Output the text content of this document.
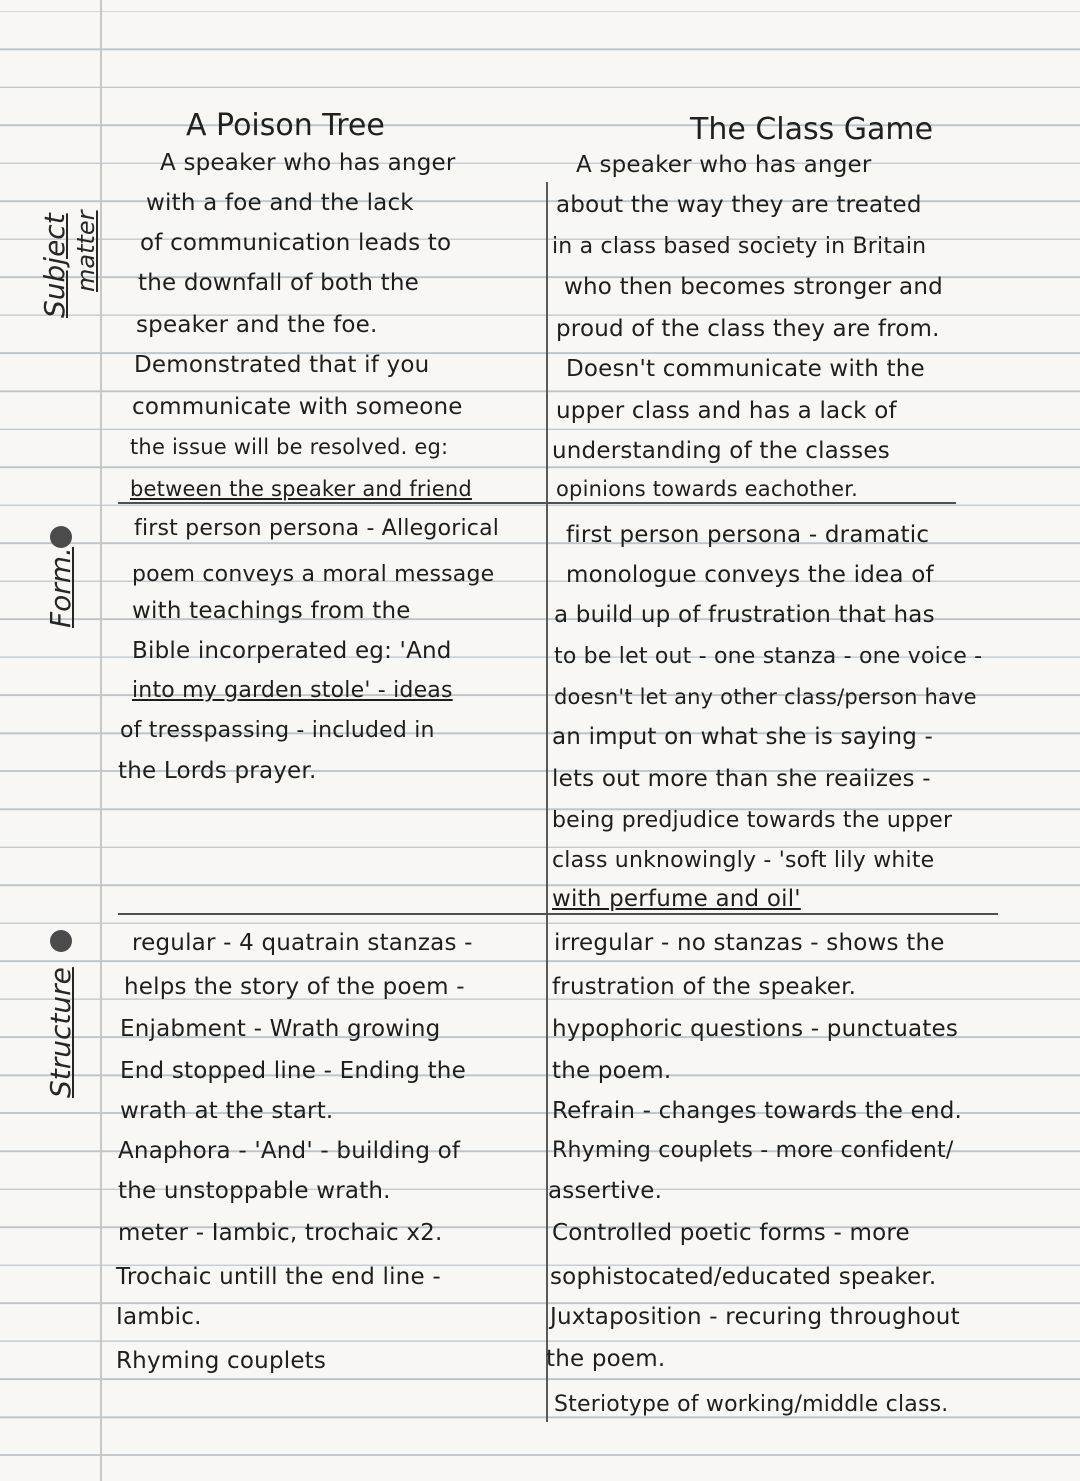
Subject matter
Form.
Structure
A Poison Tree	The Class Game
A speaker who has anger
with a foe and the lack
of communication leads to
the downfall of both the
speaker and the foe.
Demonstrated that if you
communicate with someone
the issue will be resolved. eg:
between the speaker and friend
A speaker who has anger
about the way they are treated
in a class based society in Britain
who then becomes stronger and
proud of the class they are from.
Doesn't communicate with the
upper class and has a lack of
understanding of the classes
opinions towards eachother.
first person persona - Allegorical
poem conveys a moral message
with teachings from the
Bible incorperated eg: 'And
into my garden stole' - ideas
of tresspassing - included in
the Lords prayer.
first person persona - dramatic
monologue conveys the idea of
a build up of frustration that has
to be let out - one stanza - one voice -
doesn't let any other class/person have
an imput on what she is saying -
lets out more than she reaiizes -
being predjudice towards the upper
class unknowingly - 'soft lily white
with perfume and oil'
regular - 4 quatrain stanzas -
helps the story of the poem -
Enjabment - Wrath growing
End stopped line - Ending the
wrath at the start.
Anaphora - 'And' - building of
the unstoppable wrath.
meter - Iambic, trochaic x2.
Trochaic untill the end line -
Iambic.
Rhyming couplets
irregular - no stanzas - shows the
frustration of the speaker.
hypophoric questions - punctuates
the poem.
Refrain - changes towards the end.
Rhyming couplets - more confident/
assertive.
Controlled poetic forms - more
sophistocated/educated speaker.
Juxtaposition - recuring throughout
the poem.
Steriotype of working/middle class.
